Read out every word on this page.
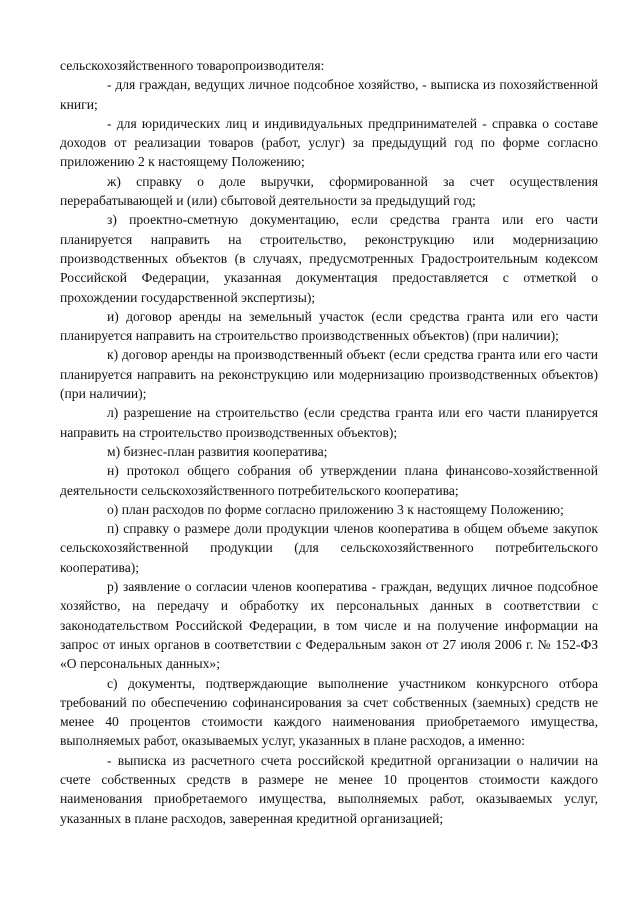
сельскохозяйственного товаропроизводителя:

- для граждан, ведущих личное подсобное хозяйство, - выписка из похозяйственной книги;

- для юридических лиц и индивидуальных предпринимателей - справка о составе доходов от реализации товаров (работ, услуг) за предыдущий год по форме согласно приложению 2 к настоящему Положению;

ж) справку о доле выручки, сформированной за счет осуществления перерабатывающей и (или) сбытовой деятельности за предыдущий год;

з) проектно-сметную документацию, если средства гранта или его части планируется направить на строительство, реконструкцию или модернизацию производственных объектов (в случаях, предусмотренных Градостроительным кодексом Российской Федерации, указанная документация предоставляется с отметкой о прохождении государственной экспертизы);

и) договор аренды на земельный участок (если средства гранта или его части планируется направить на строительство производственных объектов) (при наличии);

к) договор аренды на производственный объект (если средства гранта или его части планируется направить на реконструкцию или модернизацию производственных объектов) (при наличии);

л) разрешение на строительство (если средства гранта или его части планируется направить на строительство производственных объектов);

м) бизнес-план развития кооператива;

н) протокол общего собрания об утверждении плана финансово-хозяйственной деятельности сельскохозяйственного потребительского кооператива;

о) план расходов по форме согласно приложению 3 к настоящему Положению;

п) справку о размере доли продукции членов кооператива в общем объеме закупок сельскохозяйственной продукции (для сельскохозяйственного потребительского кооператива);

р) заявление о согласии членов кооператива - граждан, ведущих личное подсобное хозяйство, на передачу и обработку их персональных данных в соответствии с законодательством Российской Федерации, в том числе и на получение информации на запрос от иных органов в соответствии с Федеральным закон от 27 июля 2006 г. № 152-ФЗ «О персональных данных»;

с) документы, подтверждающие выполнение участником конкурсного отбора требований по обеспечению софинансирования за счет собственных (заемных) средств не менее 40 процентов стоимости каждого наименования приобретаемого имущества, выполняемых работ, оказываемых услуг, указанных в плане расходов, а именно:

- выписка из расчетного счета российской кредитной организации о наличии на счете собственных средств в размере не менее 10 процентов стоимости каждого наименования приобретаемого имущества, выполняемых работ, оказываемых услуг, указанных в плане расходов, заверенная кредитной организацией;
